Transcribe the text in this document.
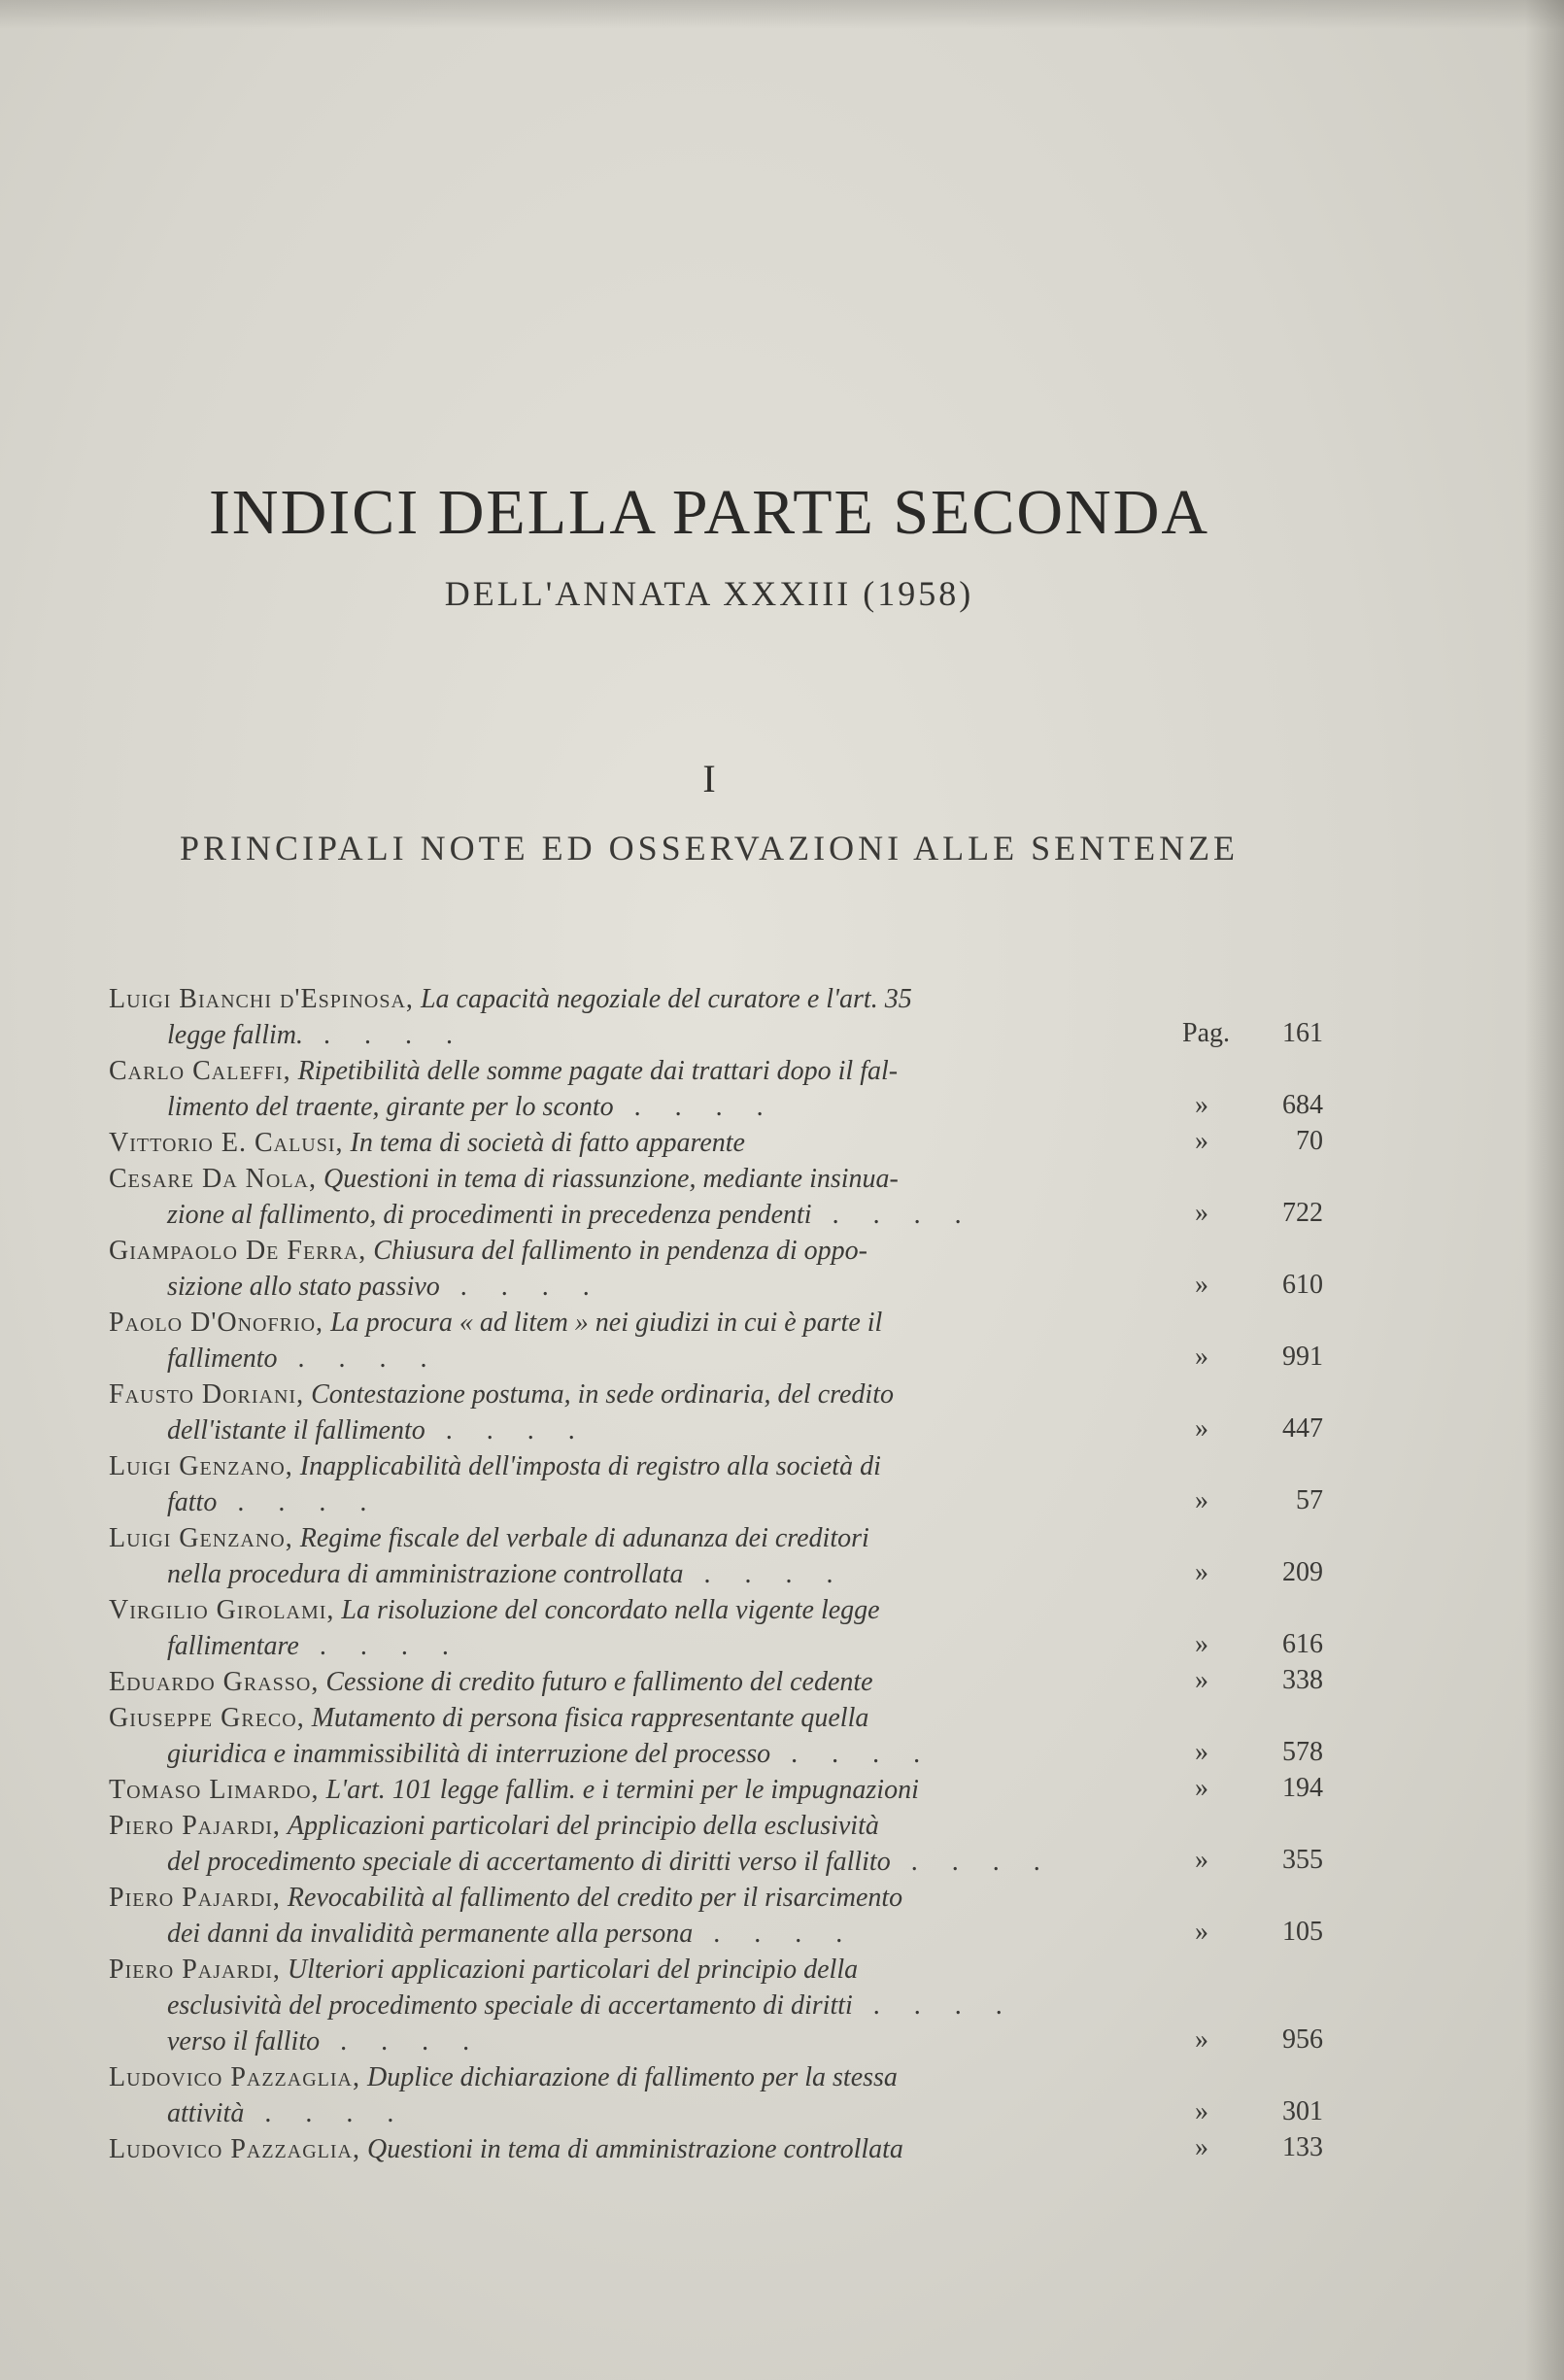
INDICI DELLA PARTE SECONDA
DELL'ANNATA XXXIII (1958)
I
PRINCIPALI NOTE ED OSSERVAZIONI ALLE SENTENZE
Luigi Bianchi d'Espinosa, La capacità negoziale del curatore e l'art. 35
legge fallim. . . . .	Pag.	161
Carlo Caleffi, Ripetibilità delle somme pagate dai trattari dopo il fal-
limento del traente, girante per lo sconto . . . .	»	684
Vittorio E. Calusi, In tema di società di fatto apparente	»	70
Cesare Da Nola, Questioni in tema di riassunzione, mediante insinua-
zione al fallimento, di procedimenti in precedenza pendenti . . . .	»	722
Giampaolo De Ferra, Chiusura del fallimento in pendenza di oppo-
sizione allo stato passivo . . . .	»	610
Paolo D'Onofrio, La procura « ad litem » nei giudizi in cui è parte il
fallimento . . . .	»	991
Fausto Doriani, Contestazione postuma, in sede ordinaria, del credito
dell'istante il fallimento . . . .	»	447
Luigi Genzano, Inapplicabilità dell'imposta di registro alla società di
fatto . . . .	»	57
Luigi Genzano, Regime fiscale del verbale di adunanza dei creditori
nella procedura di amministrazione controllata . . . .	»	209
Virgilio Girolami, La risoluzione del concordato nella vigente legge
fallimentare . . . .	»	616
Eduardo Grasso, Cessione di credito futuro e fallimento del cedente	»	338
Giuseppe Greco, Mutamento di persona fisica rappresentante quella
giuridica e inammissibilità di interruzione del processo . . . .	»	578
Tomaso Limardo, L'art. 101 legge fallim. e i termini per le impugnazioni	»	194
Piero Pajardi, Applicazioni particolari del principio della esclusività
del procedimento speciale di accertamento di diritti verso il fallito . . . .	»	355
Piero Pajardi, Revocabilità al fallimento del credito per il risarcimento
dei danni da invalidità permanente alla persona . . . .	»	105
Piero Pajardi, Ulteriori applicazioni particolari del principio della
esclusività del procedimento speciale di accertamento di diritti . . . .
verso il fallito . . . .	»	956
Ludovico Pazzaglia, Duplice dichiarazione di fallimento per la stessa
attività . . . .	»	301
Ludovico Pazzaglia, Questioni in tema di amministrazione controllata	»	133
